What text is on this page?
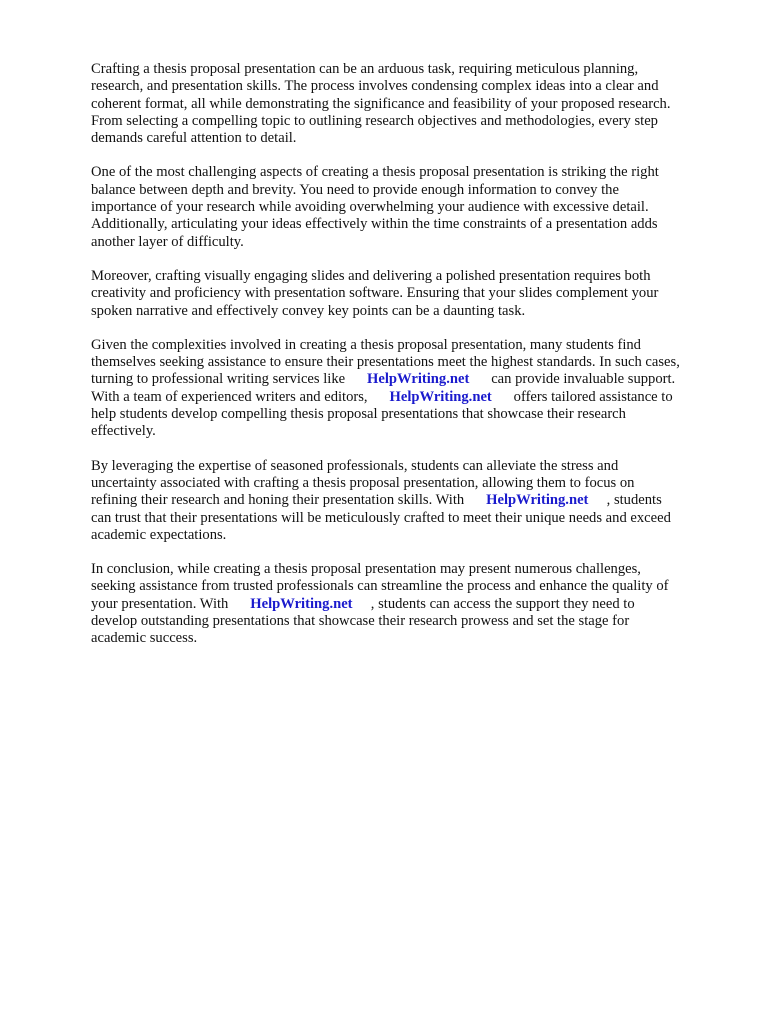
Crafting a thesis proposal presentation can be an arduous task, requiring meticulous planning,
research, and presentation skills. The process involves condensing complex ideas into a clear and
coherent format, all while demonstrating the significance and feasibility of your proposed research.
From selecting a compelling topic to outlining research objectives and methodologies, every step
demands careful attention to detail.

One of the most challenging aspects of creating a thesis proposal presentation is striking the right
balance between depth and brevity. You need to provide enough information to convey the
importance of your research while avoiding overwhelming your audience with excessive detail.
Additionally, articulating your ideas effectively within the time constraints of a presentation adds
another layer of difficulty.

Moreover, crafting visually engaging slides and delivering a polished presentation requires both
creativity and proficiency with presentation software. Ensuring that your slides complement your
spoken narrative and effectively convey key points can be a daunting task.

Given the complexities involved in creating a thesis proposal presentation, many students find
themselves seeking assistance to ensure their presentations meet the highest standards. In such cases,
turning to professional writing services like      HelpWriting.net      can provide invaluable support.
With a team of experienced writers and editors,      HelpWriting.net      offers tailored assistance to
help students develop compelling thesis proposal presentations that showcase their research
effectively.

By leveraging the expertise of seasoned professionals, students can alleviate the stress and
uncertainty associated with crafting a thesis proposal presentation, allowing them to focus on
refining their research and honing their presentation skills. With      HelpWriting.net     , students
can trust that their presentations will be meticulously crafted to meet their unique needs and exceed
academic expectations.

In conclusion, while creating a thesis proposal presentation may present numerous challenges,
seeking assistance from trusted professionals can streamline the process and enhance the quality of
your presentation. With      HelpWriting.net     , students can access the support they need to
develop outstanding presentations that showcase their research prowess and set the stage for
academic success.
